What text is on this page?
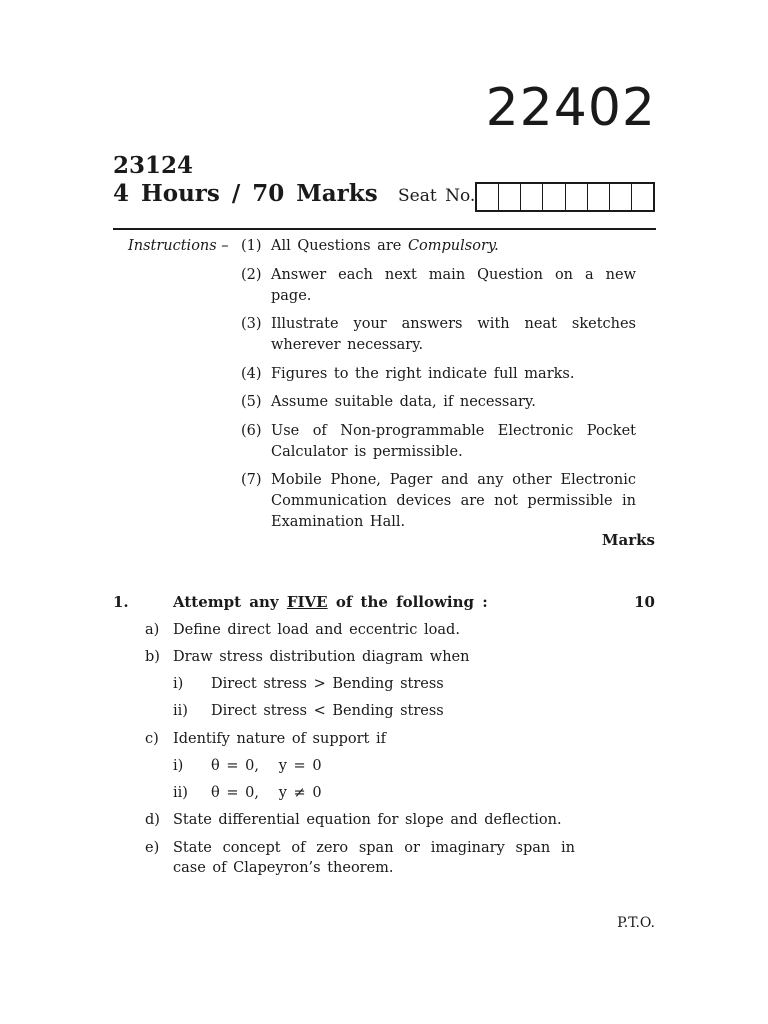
22402
23124
4 Hours / 70 Marks Seat No.
Instructions – (1) All Questions are Compulsory.
(2) Answer each next main Question on a new page.
(3) Illustrate your answers with neat sketches wherever necessary.
(4) Figures to the right indicate full marks.
(5) Assume suitable data, if necessary.
(6) Use of Non-programmable Electronic Pocket Calculator is permissible.
(7) Mobile Phone, Pager and any other Electronic Communication devices are not permissible in Examination Hall.
Marks
1.	Attempt any FIVE of the following :	10
a) Define direct load and eccentric load.
b) Draw stress distribution diagram when
i) Direct stress > Bending stress
ii) Direct stress < Bending stress
c) Identify nature of support if
i) θ = 0,   y = 0
ii) θ = 0,   y ≠ 0
d) State differential equation for slope and deflection.
e) State concept of zero span or imaginary span in case of Clapeyron’s theorem.
P.T.O.
